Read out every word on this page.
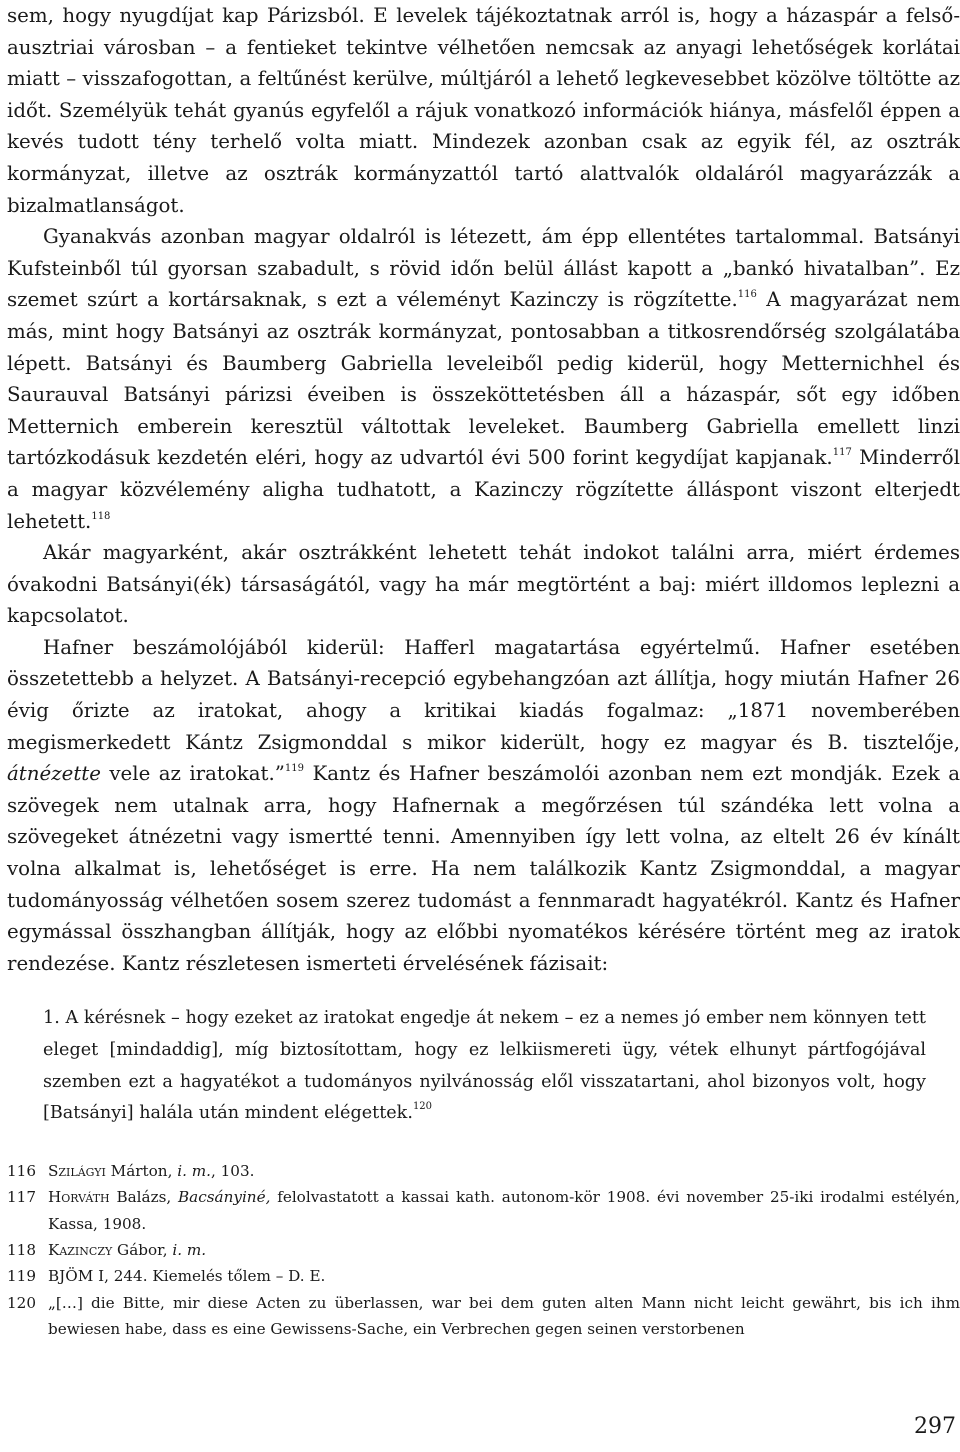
sem, hogy nyugdíjat kap Párizsból. E levelek tájékoztatnak arról is, hogy a házaspár a felső-ausztriai városban – a fentieket tekintve vélhetően nemcsak az anyagi lehetőségek korlátai miatt – visszafogottan, a feltűnést kerülve, múltjáról a lehető legkevesebbet közölve töltötte az időt. Személyük tehát gyanús egyfelől a rájuk vonatkozó információk hiánya, másfelől éppen a kevés tudott tény terhelő volta miatt. Mindezek azonban csak az egyik fél, az osztrák kormányzat, illetve az osztrák kormányzattól tartó alattvalók oldaláról magyarázzák a bizalmatlanságot.

Gyanakvás azonban magyar oldalról is létezett, ám épp ellentétes tartalommal. Batsányi Kufsteinből túl gyorsan szabadult, s rövid időn belül állást kapott a „bankó hivatalban”. Ez szemet szúrt a kortársaknak, s ezt a véleményt Kazinczy is rögzítette.$^{116}$ A magyarázat nem más, mint hogy Batsányi az osztrák kormányzat, pontosabban a titkosrendőrség szolgálatába lépett. Batsányi és Baumberg Gabriella leveleiből pedig kiderül, hogy Metternichhel és Saurauval Batsányi párizsi éveiben is összeköttetésben áll a házaspár, sőt egy időben Metternich emberein keresztül váltottak leveleket. Baumberg Gabriella emellett linzi tartózkodásuk kezdetén eléri, hogy az udvartól évi 500 forint kegydíjat kapjanak.$^{117}$ Minderről a magyar közvélemény aligha tudhatott, a Kazinczy rögzítette álláspont viszont elterjedt lehetett.$^{118}$

Akár magyarként, akár osztrákként lehetett tehát indokot találni arra, miért érdemes óvakodni Batsányi(ék) társaságától, vagy ha már megtörtént a baj: miért illdomos leplezni a kapcsolatot.

Hafner beszámolójából kiderül: Hafferl magatartása egyértelmű. Hafner esetében összetettebb a helyzet. A Batsányi-recepció egybehangzóan azt állítja, hogy miután Hafner 26 évig őrizte az iratokat, ahogy a kritikai kiadás fogalmaz: „1871 novemberében megismerkedett Kántz Zsigmonddal s mikor kiderült, hogy ez magyar és B. tisztelője, átnézette vele az iratokat.”$^{119}$ Kantz és Hafner beszámolói azonban nem ezt mondják. Ezek a szövegek nem utalnak arra, hogy Hafnernak a megőrzésen túl szándéka lett volna a szövegeket átnézetni vagy ismertté tenni. Amennyiben így lett volna, az eltelt 26 év kínált volna alkalmat is, lehetőséget is erre. Ha nem találkozik Kantz Zsigmonddal, a magyar tudományosság vélhetően sosem szerez tudomást a fennmaradt hagyatékról. Kantz és Hafner egymással összhangban állítják, hogy az előbbi nyomatékos kérésére történt meg az iratok rendezése. Kantz részletesen ismerteti érvelésének fázisait:

1. A kérésnek – hogy ezeket az iratokat engedje át nekem – ez a nemes jó ember nem könnyen tett eleget [mindaddig], míg biztosítottam, hogy ez lelkiismereti ügy, vétek elhunyt pártfogójával szemben ezt a hagyatékot a tudományos nyilvánosság elől visszatartani, ahol bizonyos volt, hogy [Batsányi] halála után mindent elégettek.$^{120}$

116 Szilágyi Márton, i. m., 103.
117 Horváth Balázs, Bacsányiné, felolvastatott a kassai kath. autonom-kör 1908. évi november 25-iki irodalmi estélyén, Kassa, 1908.
118 Kazinczy Gábor, i. m.
119 BJÖM I, 244. Kiemelés tőlem – D. E.
120 „[…] die Bitte, mir diese Acten zu überlassen, war bei dem guten alten Mann nicht leicht gewährt, bis ich ihm bewiesen habe, dass es eine Gewissens-Sache, ein Verbrechen gegen seinen verstorbenen
297
